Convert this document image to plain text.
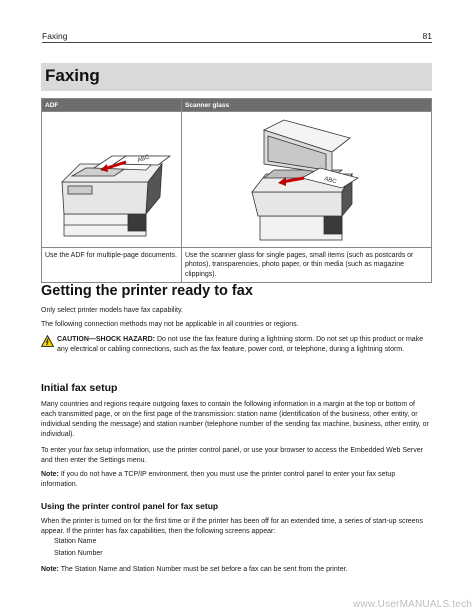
Faxing	81
Faxing
ADF	Scanner glass

ABC	ABC

Use the ADF for multiple-page documents.	Use the scanner glass for single pages, small items (such as postcards or photos), transparencies, photo paper, or thin media (such as magazine clippings).
Getting the printer ready to fax

Only select printer models have fax capability.

The following connection methods may not be applicable in all countries or regions.

CAUTION—SHOCK HAZARD: Do not use the fax feature during a lightning storm. Do not set up this product or make any electrical or cabling connections, such as the fax feature, power cord, or telephone, during a lightning storm.

Initial fax setup

Many countries and regions require outgoing faxes to contain the following information in a margin at the top or bottom of each transmitted page, or on the first page of the transmission: station name (identification of the business, other entity, or individual sending the message) and station number (telephone number of the sending fax machine, business, other entity, or individual).

To enter your fax setup information, use the printer control panel, or use your browser to access the Embedded Web Server and then enter the Settings menu.

Note: If you do not have a TCP/IP environment, then you must use the printer control panel to enter your fax setup information.

Using the printer control panel for fax setup

When the printer is turned on for the first time or if the printer has been off for an extended time, a series of start-up screens appear. If the printer has fax capabilities, then the following screens appear:

Station Name

Station Number

Note: The Station Name and Station Number must be set before a fax can be sent from the printer.

www.UserMANUALS.tech
